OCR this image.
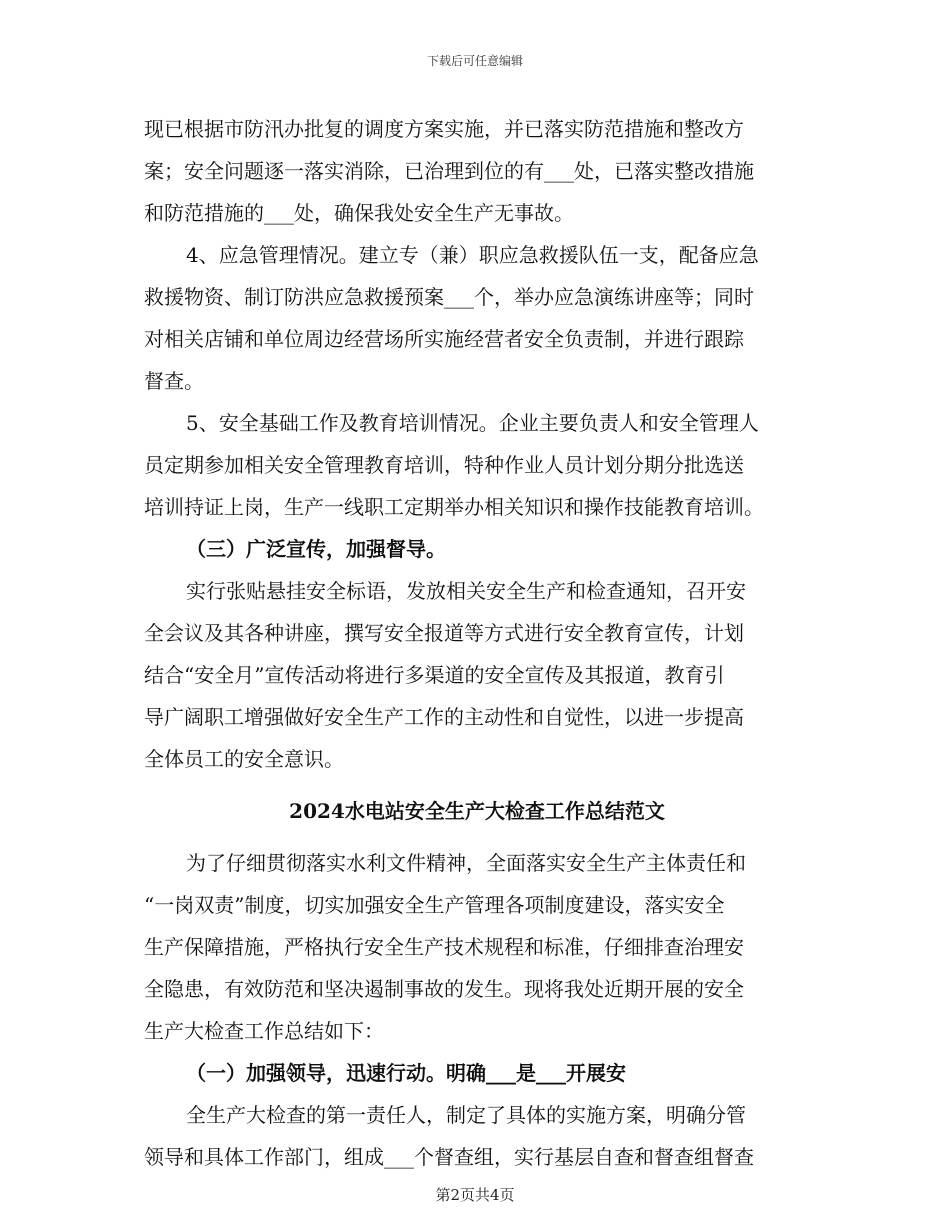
下载后可任意编辑
现已根据市防汛办批复的调度方案实施，并已落实防范措施和整改方
案；安全问题逐一落实消除，已治理到位的有___处，已落实整改措施
和防范措施的___处，确保我处安全生产无事故。
4、应急管理情况。建立专（兼）职应急救援队伍一支，配备应急
救援物资、制订防洪应急救援预案___个，举办应急演练讲座等；同时
对相关店铺和单位周边经营场所实施经营者安全负责制，并进行跟踪
督查。
5、安全基础工作及教育培训情况。企业主要负责人和安全管理人
员定期参加相关安全管理教育培训，特种作业人员计划分期分批选送
培训持证上岗，生产一线职工定期举办相关知识和操作技能教育培训。
（三）广泛宣传，加强督导。
实行张贴悬挂安全标语，发放相关安全生产和检查通知，召开安
全会议及其各种讲座，撰写安全报道等方式进行安全教育宣传，计划
结合“安全月”宣传活动将进行多渠道的安全宣传及其报道，教育引
导广阔职工增强做好安全生产工作的主动性和自觉性，以进一步提高
全体员工的安全意识。
2024水电站安全生产大检查工作总结范文
为了仔细贯彻落实水利文件精神，全面落实安全生产主体责任和
“一岗双责”制度，切实加强安全生产管理各项制度建设，落实安全
生产保障措施，严格执行安全生产技术规程和标准，仔细排查治理安
全隐患，有效防范和坚决遏制事故的发生。现将我处近期开展的安全
生产大检查工作总结如下：
（一）加强领导，迅速行动。明确___是___开展安
全生产大检查的第一责任人，制定了具体的实施方案，明确分管
领导和具体工作部门，组成___个督查组，实行基层自查和督查组督查
第2页共4页
